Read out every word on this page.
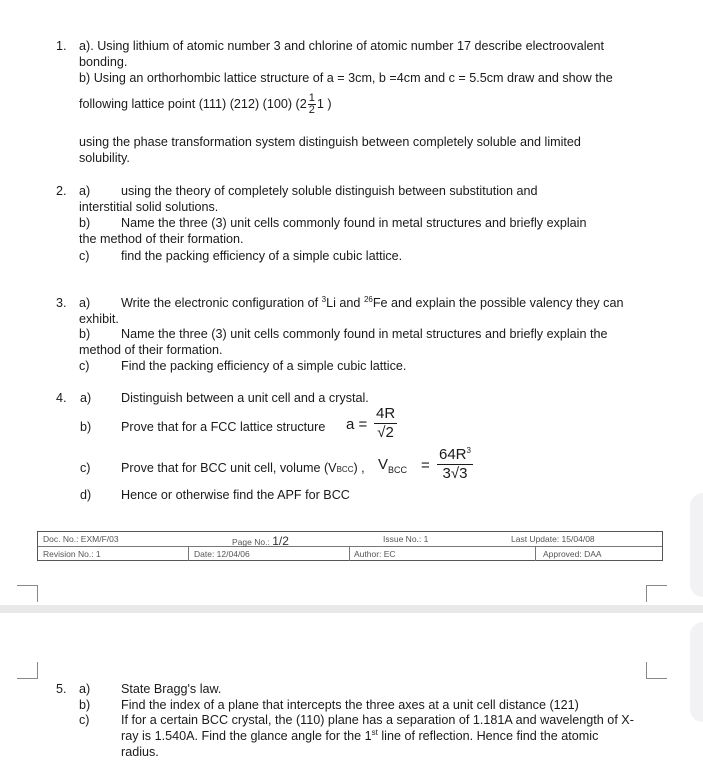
1. a). Using lithium of atomic number 3 and chlorine of atomic number 17 describe electroovalent
bonding.
b) Using an orthorhombic lattice structure of a = 3cm, b =4cm and c = 5.5cm draw and show the
following lattice point (111) (212) (100) ($2 \frac{1}{2} 1$ )
using the phase transformation system distinguish between completely soluble and limited
solubility.
2. a) using the theory of completely soluble distinguish between substitution and
interstitial solid solutions.
b) Name the three (3) unit cells commonly found in metal structures and briefly explain
the method of their formation.
c)	find the packing efficiency of a simple cubic lattice.
3. a) Write the electronic configuration of $^3$Li and $^{26}$Fe and explain the possible valency they can
exhibit.
b) Name the three (3) unit cells commonly found in metal structures and briefly explain the
method of their formation.
c)	Find the packing efficiency of a simple cubic lattice.
4. a) Distinguish between a unit cell and a crystal.
b) Prove that for a FCC lattice structure $a = \frac{4R}{√2}$
c) Prove that for BCC unit cell, volume (VBCC) , $V_{BCC} = \frac{64R^3}{3√3}$
d) Hence or otherwise find the APF for BCC
Doc. No.: EXM/F/03	Page No.: 1/2	Issue No.: 1	Last Update: 15/04/08
Revision No.: 1	Date: 12/04/06	Author: EC	Approved: DAA
5. a) State Bragg's law.
b) Find the index of a plane that intercepts the three axes at a unit cell distance (121)
c)	If for a certain BCC crystal, the (110) plane has a separation of 1.181A and wavelength of X-
ray is 1.540A. Find the glance angle for the 1st line of reflection. Hence find the atomic
radius.
